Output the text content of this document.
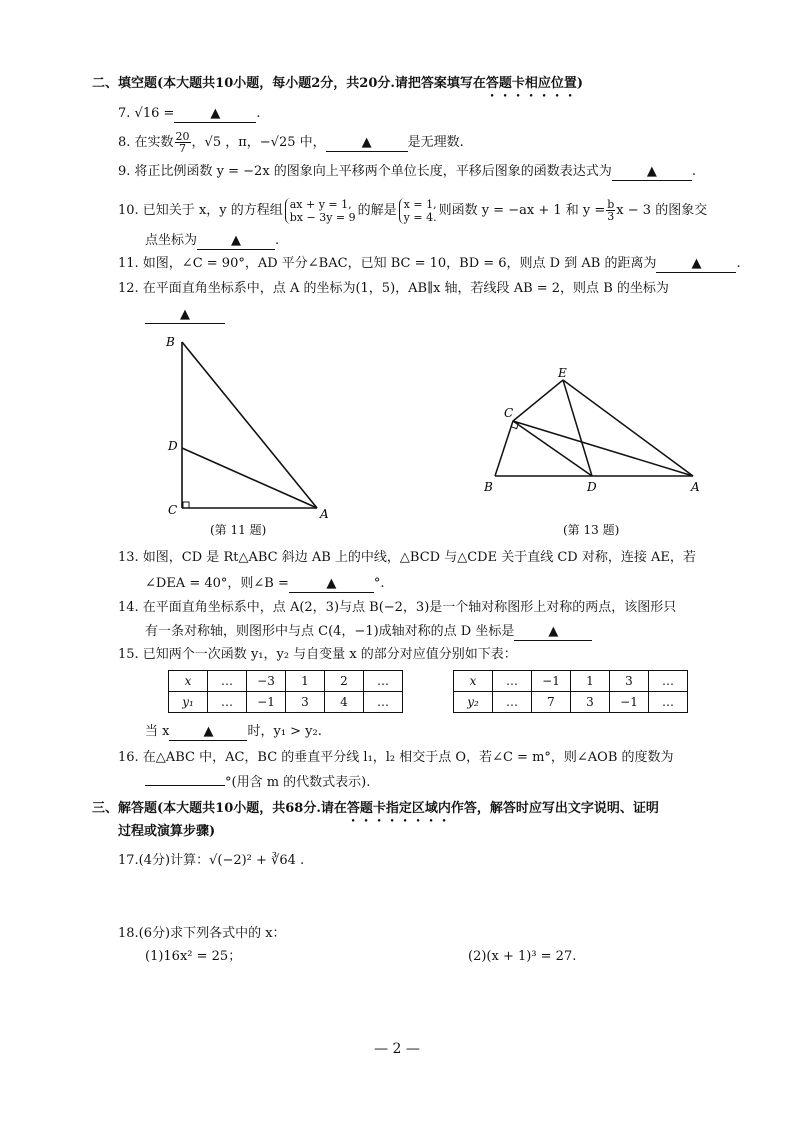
二、填空题(本大题共10小题，每小题2分，共20分.请把答案填写在答题卡相应位置)
7. √16 =	▲	.
8. 在实数 $\frac{20}{7}$ ，√5 ，π，−√25 中，	▲	是无理数.
9. 将正比例函数 y = −2x 的图象向上平移两个单位长度，平移后图象的函数表达式为	▲	.
10. 已知关于 x，y 的方程组 ax + y = 1,
bx − 3y = 9 的解是 x = 1,
y = 4. 则函数 y = −ax + 1 和 $y = \frac{b}{3}$ x − 3 的图象交
点坐标为	▲	.
11. 如图，∠C = 90°，AD 平分∠BAC，已知 BC = 10，BD = 6，则点 D 到 AB 的距离为	▲	.
12. 在平面直角坐标系中，点 A 的坐标为(1，5)，AB∥x 轴，若线段 AB = 2，则点 B 的坐标为
▲
B
D
C	A
(第 11 题)
E
C
B	D	A
(第 13 题)
13. 如图，CD 是 Rt△ABC 斜边 AB 上的中线，△BCD 与△CDE 关于直线 CD 对称，连接 AE，若
∠DEA = 40°，则∠B =	▲	°.
14. 在平面直角坐标系中，点 A(2，3)与点 B(−2，3)是一个轴对称图形上对称的两点，该图形只
有一条对称轴，则图形中与点 C(4，−1)成轴对称的点 D 坐标是	▲
15. 已知两个一次函数 y₁，y₂ 与自变量 x 的部分对应值分别如下表：
x	…	−3	1	2	…
y₁	…	−1	3	4	…
x	…	−1	1	3	…
y₂	…	7	3	−1	…
当 x	▲	时，y₁ > y₂.
16. 在△ABC 中，AC，BC 的垂直平分线 l₁，l₂ 相交于点 O，若∠C = m°，则∠AOB 的度数为
°(用含 m 的代数式表示).
三、解答题(本大题共10小题，共68分.请在答题卡指定区域内作答，解答时应写出文字说明、证明
过程或演算步骤)
17.(4分)计算：√(−2)² + ∛64 .
18.(6分)求下列各式中的 x：
(1)16x² = 25；	(2)(x + 1)³ = 27.
— 2 —
